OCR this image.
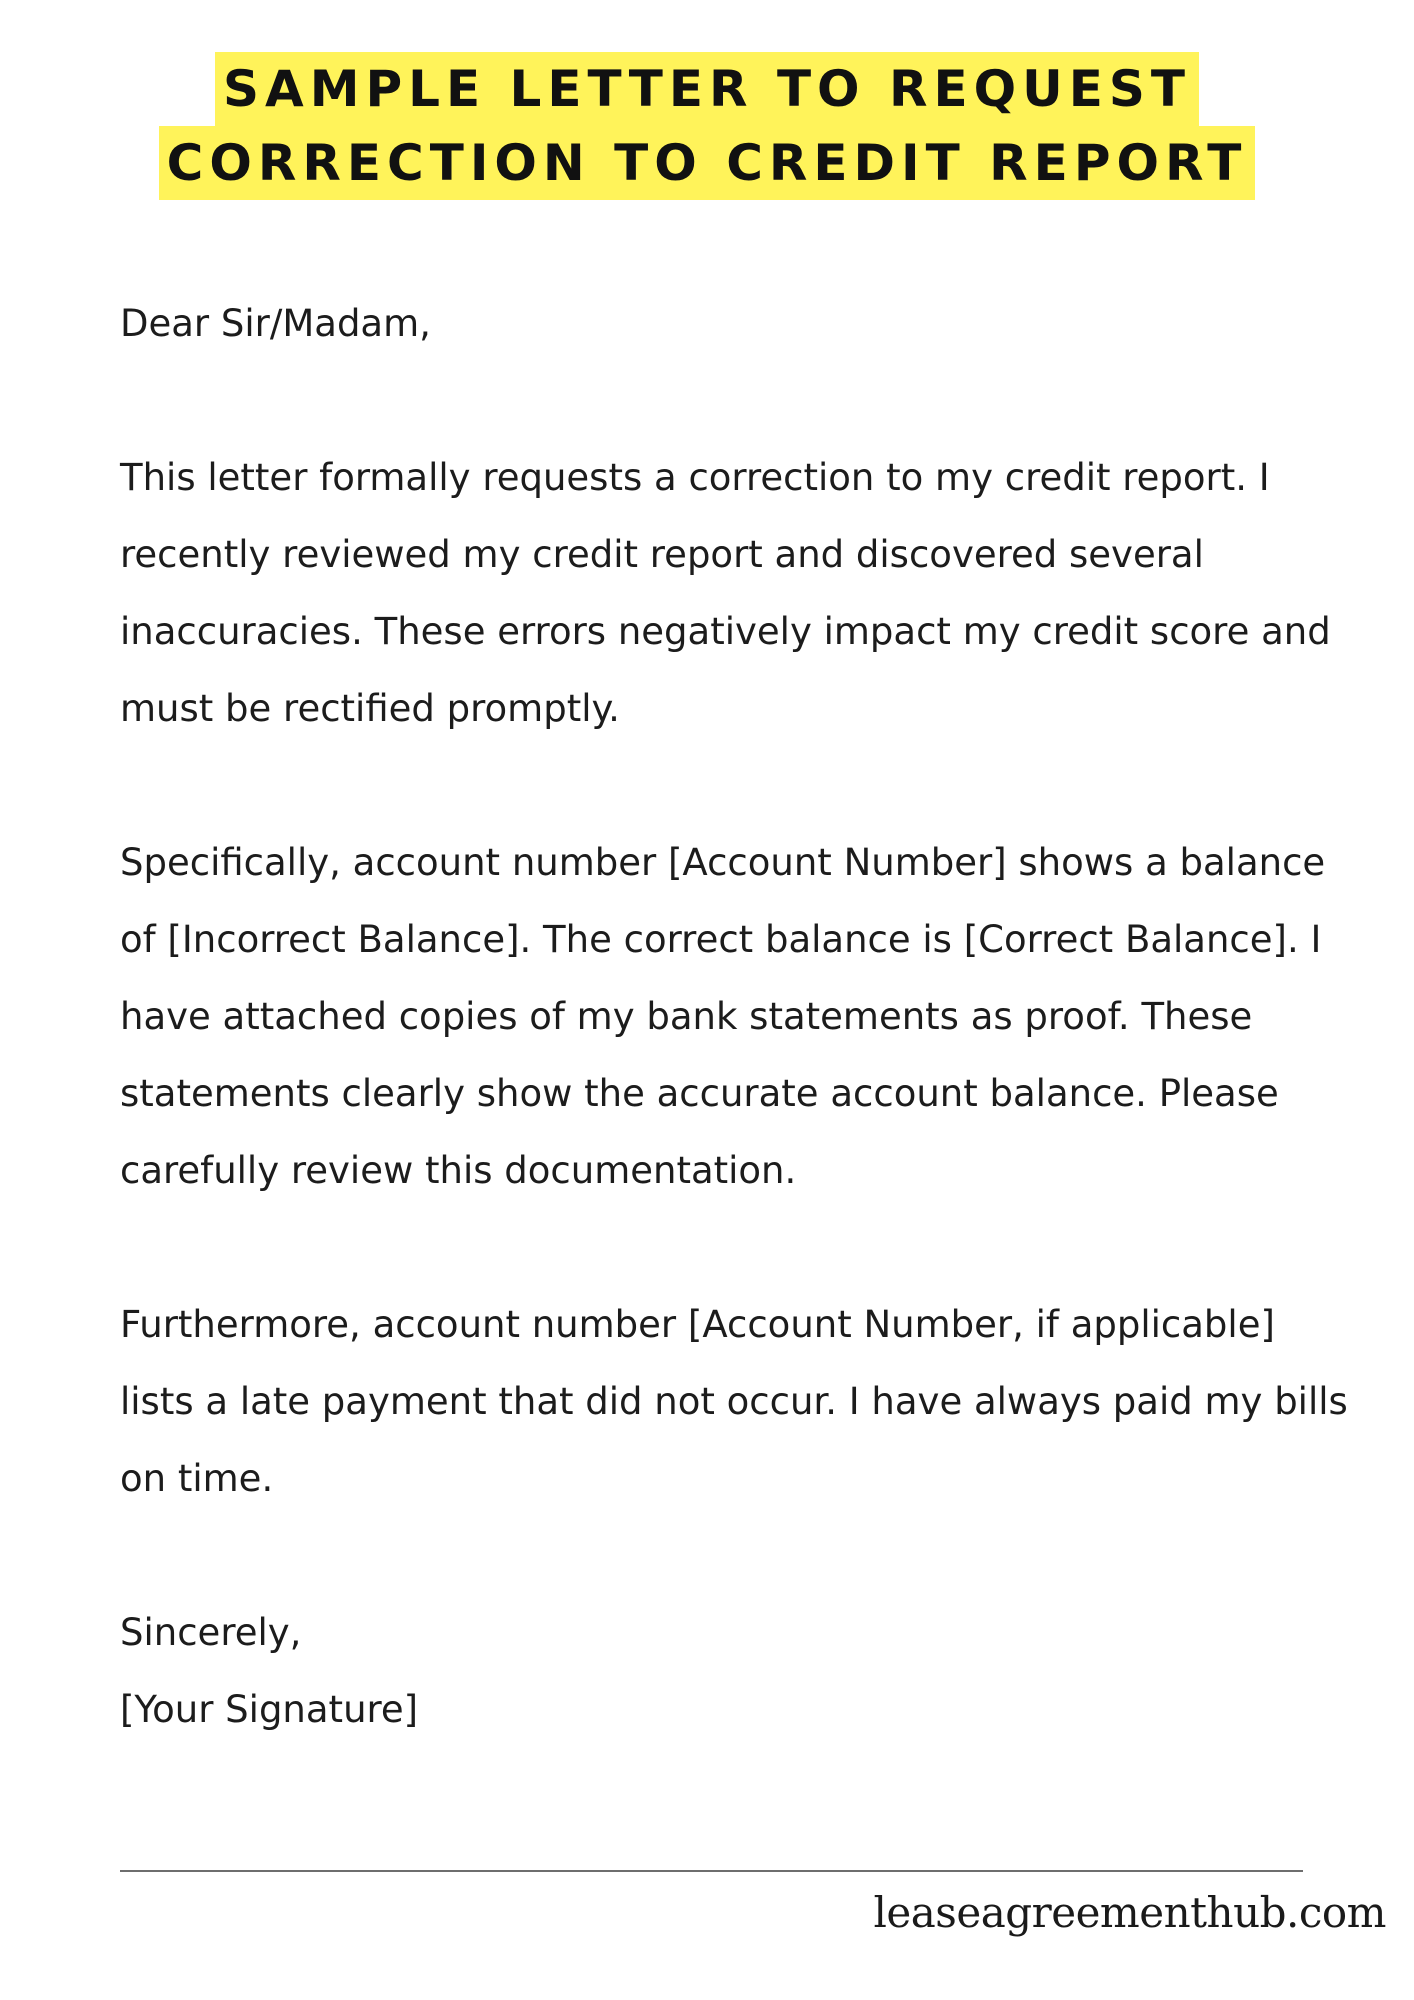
SAMPLE LETTER TO REQUEST
CORRECTION TO CREDIT REPORT

Dear Sir/Madam,

This letter formally requests a correction to my credit report. I recently reviewed my credit report and discovered several inaccuracies. These errors negatively impact my credit score and must be rectified promptly.

Specifically, account number [Account Number] shows a balance of [Incorrect Balance]. The correct balance is [Correct Balance]. I have attached copies of my bank statements as proof. These statements clearly show the accurate account balance. Please carefully review this documentation.

Furthermore, account number [Account Number, if applicable] lists a late payment that did not occur. I have always paid my bills on time.

Sincerely,

[Your Signature]

leaseagreementhub.com
